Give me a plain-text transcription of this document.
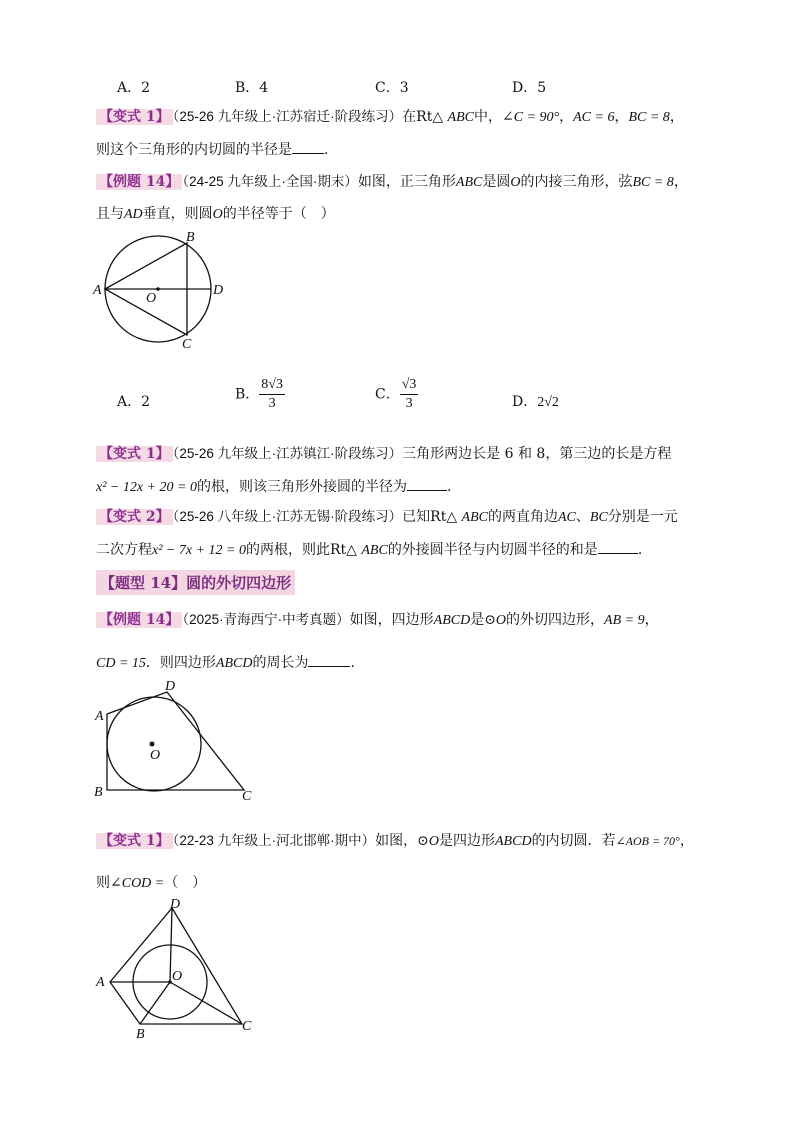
A．2	B．4	C．3	D．5
【变式 1】 （25-26 九年级上·江苏宿迁·阶段练习）在Rt△ ABC中，∠C = 90°，AC = 6，BC = 8，
则这个三角形的内切圆的半径是 .
【例题 14】 （24-25 九年级上·全国·期末）如图，正三角形ABC是圆O的内接三角形，弦BC = 8，
且与AD垂直，则圆O的半径等于（　）
A
B
C
D
O
A．2	B． $\frac{8√3}{3}$	C． $\frac{√3}{3}$	D．2√2
【变式 1】 （25-26 九年级上·江苏镇江·阶段练习）三角形两边长是 6 和 8，第三边的长是方程
x² − 12x + 20 = 0的根，则该三角形外接圆的半径为	.
【变式 2】 （25-26 八年级上·江苏无锡·阶段练习）已知Rt△ ABC的两直角边AC、BC分别是一元
二次方程x² − 7x + 12 = 0的两根，则此Rt△ ABC的外接圆半径与内切圆半径的和是	.
【题型 14】圆的外切四边形
【例题 14】 （2025·青海西宁·中考真题）如图，四边形ABCD是⊙O的外切四边形，AB = 9，
CD = 15．则四边形ABCD的周长为	.
A
B	C
D
O
【变式 1】 （22-23 九年级上·河北邯郸·期中）如图，⊙O是四边形ABCD的内切圆．若∠AOB = 70°，
则∠COD =（　）
A
B
C
D
O
